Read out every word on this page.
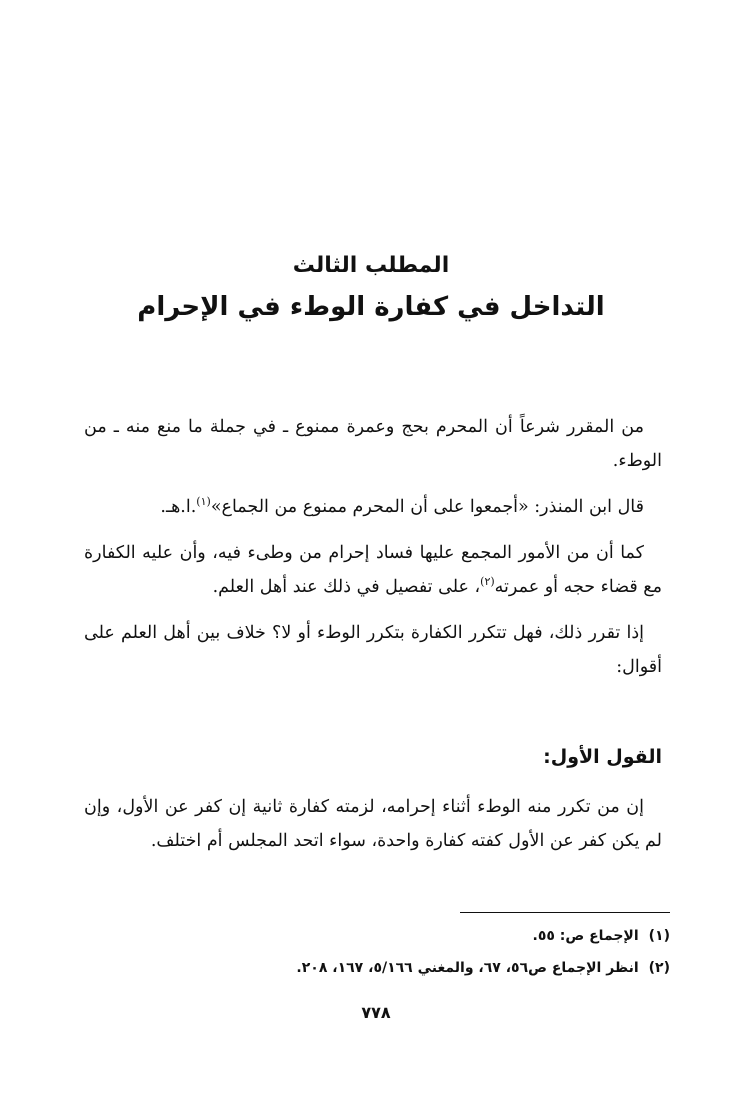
المطلب الثالث

التداخل في كفارة الوطء في الإحرام

من المقرر شرعاً أن المحرم بحج وعمرة ممنوع ـ في جملة ما منع منه ـ من الوطء.

قال ابن المنذر: «أجمعوا على أن المحرم ممنوع من الجماع»$^{(١)}$.ا.هـ.

كما أن من الأمور المجمع عليها فساد إحرام من وطىء فيه، وأن عليه الكفارة مع قضاء حجه أو عمرته$^{(٢)}$، على تفصيل في ذلك عند أهل العلم.

إذا تقرر ذلك، فهل تتكرر الكفارة بتكرر الوطء أو لا؟ خلاف بين أهل العلم على أقوال:

القول الأول:

إن من تكرر منه الوطء أثناء إحرامه، لزمته كفارة ثانية إن كفر عن الأول، وإن لم يكن كفر عن الأول كفته كفارة واحدة، سواء اتحد المجلس أم اختلف.

(١)الإجماع ص: ٥٥.

(٢)انظر الإجماع ص٥٦، ٦٧، والمغني ٥/١٦٦، ١٦٧، ٢٠٨.

٧٧٨
